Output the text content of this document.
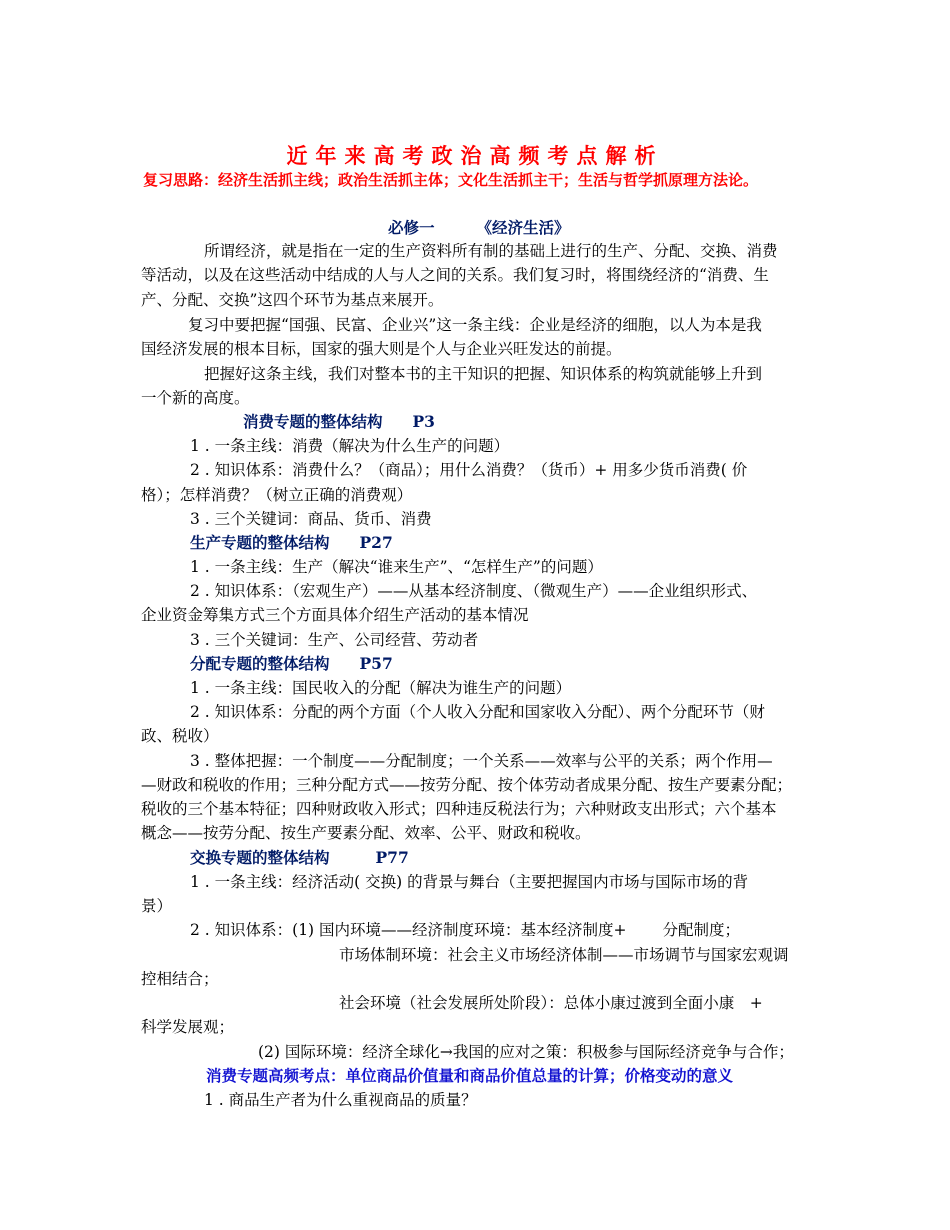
近年来高考政治高频考点解析
复习思路：经济生活抓主线；政治生活抓主体；文化生活抓主干；生活与哲学抓原理方法论。
必修一	《经济生活》
所谓经济，就是指在一定的生产资料所有制的基础上进行的生产、分配、交换、消费
等活动，以及在这些活动中结成的人与人之间的关系。我们复习时，将围绕经济的“消费、生
产、分配、交换”这四个环节为基点来展开。
复习中要把握“国强、民富、企业兴”这一条主线：企业是经济的细胞，以人为本是我
国经济发展的根本目标，国家的强大则是个人与企业兴旺发达的前提。
把握好这条主线，我们对整本书的主干知识的把握、知识体系的构筑就能够上升到
一个新的高度。
消费专题的整体结构 P3
1 . 一条主线：消费（解决为什么生产的问题）
2 . 知识体系：消费什么？（商品）；用什么消费？（货币）+ 用多少货币消费( 价
格）；怎样消费？（树立正确的消费观）
3 . 三个关键词：商品、货币、消费
生产专题的整体结构 P27
1 . 一条主线：生产（解决“谁来生产”、“怎样生产”的问题）
2 . 知识体系：（宏观生产）——从基本经济制度、（微观生产）——企业组织形式、
企业资金筹集方式三个方面具体介绍生产活动的基本情况
3 . 三个关键词：生产、公司经营、劳动者
分配专题的整体结构 P57
1 . 一条主线：国民收入的分配（解决为谁生产的问题）
2 . 知识体系：分配的两个方面（个人收入分配和国家收入分配）、两个分配环节（财
政、税收）
3 . 整体把握：一个制度——分配制度；一个关系——效率与公平的关系；两个作用—
—财政和税收的作用；三种分配方式——按劳分配、按个体劳动者成果分配、按生产要素分配；
税收的三个基本特征；四种财政收入形式；四种违反税法行为；六种财政支出形式；六个基本
概念——按劳分配、按生产要素分配、效率、公平、财政和税收。
交换专题的整体结构	P77
1 . 一条主线：经济活动( 交换) 的背景与舞台（主要把握国内市场与国际市场的背
景）
2 . 知识体系：(1) 国内环境——经济制度环境：基本经济制度+　　 分配制度；
市场体制环境：社会主义市场经济体制——市场调节与国家宏观调
控相结合；
社会环境（社会发展所处阶段）：总体小康过渡到全面小康　+
科学发展观；
(2) 国际环境：经济全球化→我国的应对之策：积极参与国际经济竞争与合作；
消费专题高频考点：单位商品价值量和商品价值总量的计算；价格变动的意义
1 . 商品生产者为什么重视商品的质量？
